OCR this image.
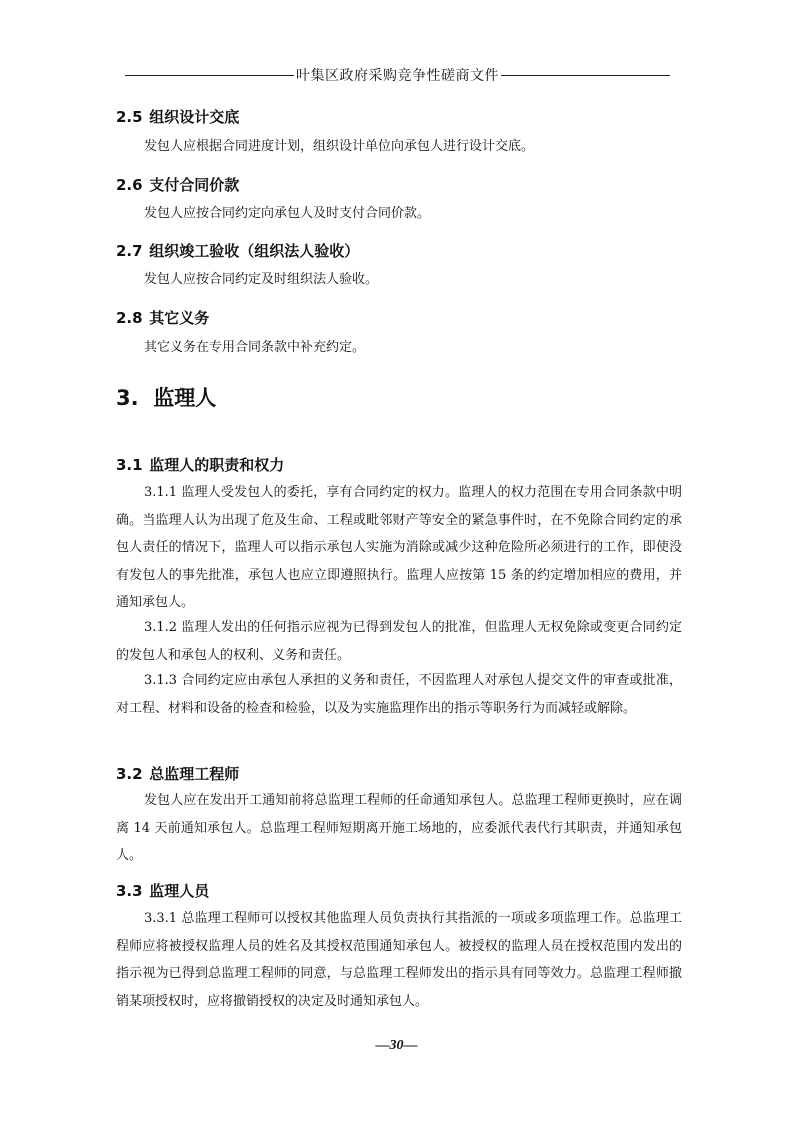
叶集区政府采购竞争性磋商文件
2.5 组织设计交底

发包人应根据合同进度计划，组织设计单位向承包人进行设计交底。

2.6 支付合同价款

发包人应按合同约定向承包人及时支付合同价款。

2.7 组织竣工验收（组织法人验收）

发包人应按合同约定及时组织法人验收。

2.8 其它义务

其它义务在专用合同条款中补充约定。

3. 监理人
3.1 监理人的职责和权力

3.1.1 监理人受发包人的委托，享有合同约定的权力。监理人的权力范围在专用合同条款中明确。当监理人认为出现了危及生命、工程或毗邻财产等安全的紧急事件时，在不免除合同约定的承包人责任的情况下，监理人可以指示承包人实施为消除或减少这种危险所必须进行的工作，即使没有发包人的事先批准，承包人也应立即遵照执行。监理人应按第 15 条的约定增加相应的费用，并通知承包人。

3.1.2 监理人发出的任何指示应视为已得到发包人的批准，但监理人无权免除或变更合同约定的发包人和承包人的权利、义务和责任。

3.1.3 合同约定应由承包人承担的义务和责任，不因监理人对承包人提交文件的审查或批准，对工程、材料和设备的检查和检验，以及为实施监理作出的指示等职务行为而减轻或解除。

3.2 总监理工程师

发包人应在发出开工通知前将总监理工程师的任命通知承包人。总监理工程师更换时，应在调离 14 天前通知承包人。总监理工程师短期离开施工场地的，应委派代表代行其职责，并通知承包人。

3.3 监理人员

3.3.1 总监理工程师可以授权其他监理人员负责执行其指派的一项或多项监理工作。总监理工程师应将被授权监理人员的姓名及其授权范围通知承包人。被授权的监理人员在授权范围内发出的指示视为已得到总监理工程师的同意，与总监理工程师发出的指示具有同等效力。总监理工程师撤销某项授权时，应将撤销授权的决定及时通知承包人。

—30—
